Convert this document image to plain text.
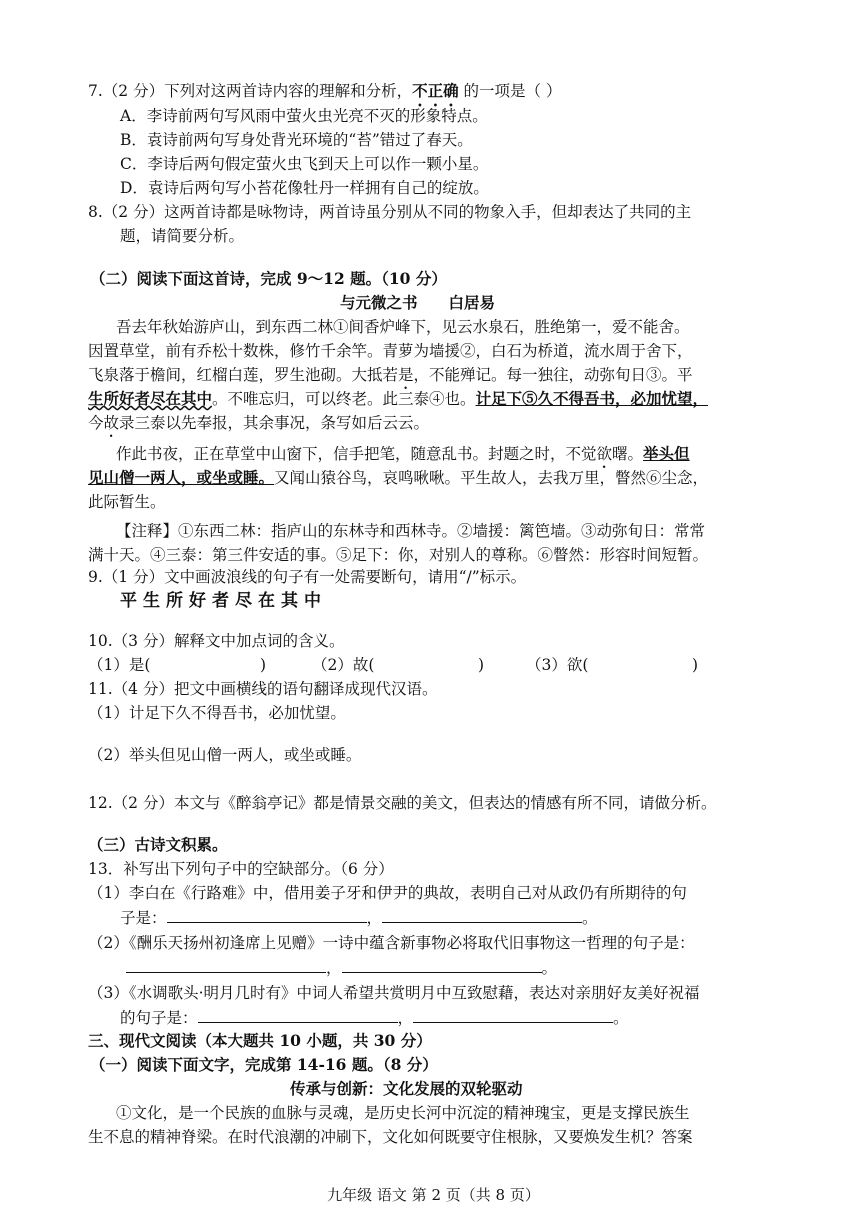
7.（2 分）下列对这两首诗内容的理解和分析，不正确 的一项是（ ）
A．李诗前两句写风雨中萤火虫光亮不灭的形象特点。
B．袁诗前两句写身处背光环境的“苔”错过了春天。
C．李诗后两句假定萤火虫飞到天上可以作一颗小星。
D．袁诗后两句写小苔花像牡丹一样拥有自己的绽放。
8.（2 分）这两首诗都是咏物诗，两首诗虽分别从不同的物象入手，但却表达了共同的主
题，请简要分析。
（二）阅读下面这首诗，完成 9～12 题。（10 分）
与元微之书　　白居易
吾去年秋始游庐山，到东西二林①间香炉峰下，见云水泉石，胜绝第一，爱不能舍。
因置草堂，前有乔松十数株，修竹千余竿。青萝为墙援②，白石为桥道，流水周于舍下，
飞泉落于檐间，红榴白莲，罗生池砌。大抵若是，不能殚记。每一独往，动弥旬日③。平
生所好者尽在其中。不唯忘归，可以终老。此三泰④也。计足下⑤久不得吾书，必加忧望，
今故录三泰以先奉报，其余事况，条写如后云云。
作此书夜，正在草堂中山窗下，信手把笔，随意乱书。封题之时，不觉欲曙。举头但
见山僧一两人，或坐或睡。又闻山猿谷鸟，哀鸣啾啾。平生故人，去我万里，瞥然⑥尘念，
此际暂生。
【注释】①东西二林：指庐山的东林寺和西林寺。②墙援：篱笆墙。③动弥旬日：常常
满十天。④三泰：第三件安适的事。⑤足下：你，对别人的尊称。⑥瞥然：形容时间短暂。
9.（1 分）文中画波浪线的句子有一处需要断句，请用“/”标示。
平生所好者尽在其中
10.（3 分）解释文中加点词的含义。
（1）是(	)	（2）故(	)	（3）欲(	)
11.（4 分）把文中画横线的语句翻译成现代汉语。
（1）计足下久不得吾书，必加忧望。
（2）举头但见山僧一两人，或坐或睡。
12.（2 分）本文与《醉翁亭记》都是情景交融的美文，但表达的情感有所不同，请做分析。
（三）古诗文积累。
13．补写出下列句子中的空缺部分。（6 分）
（1）李白在《行路难》中，借用姜子牙和伊尹的典故，表明自己对从政仍有所期待的句
子是：	，	。
（2）《酬乐天扬州初逢席上见赠》一诗中蕴含新事物必将取代旧事物这一哲理的句子是：
，	。
（3）《水调歌头·明月几时有》中词人希望共赏明月中互致慰藉，表达对亲朋好友美好祝福
的句子是：	，	。
三、现代文阅读（本大题共 10 小题，共 30 分）
（一）阅读下面文字，完成第 14-16 题。（8 分）
传承与创新：文化发展的双轮驱动
①文化，是一个民族的血脉与灵魂，是历史长河中沉淀的精神瑰宝，更是支撑民族生
生不息的精神脊梁。在时代浪潮的冲刷下，文化如何既要守住根脉，又要焕发生机？答案
九年级 语文 第 2 页（共 8 页）
